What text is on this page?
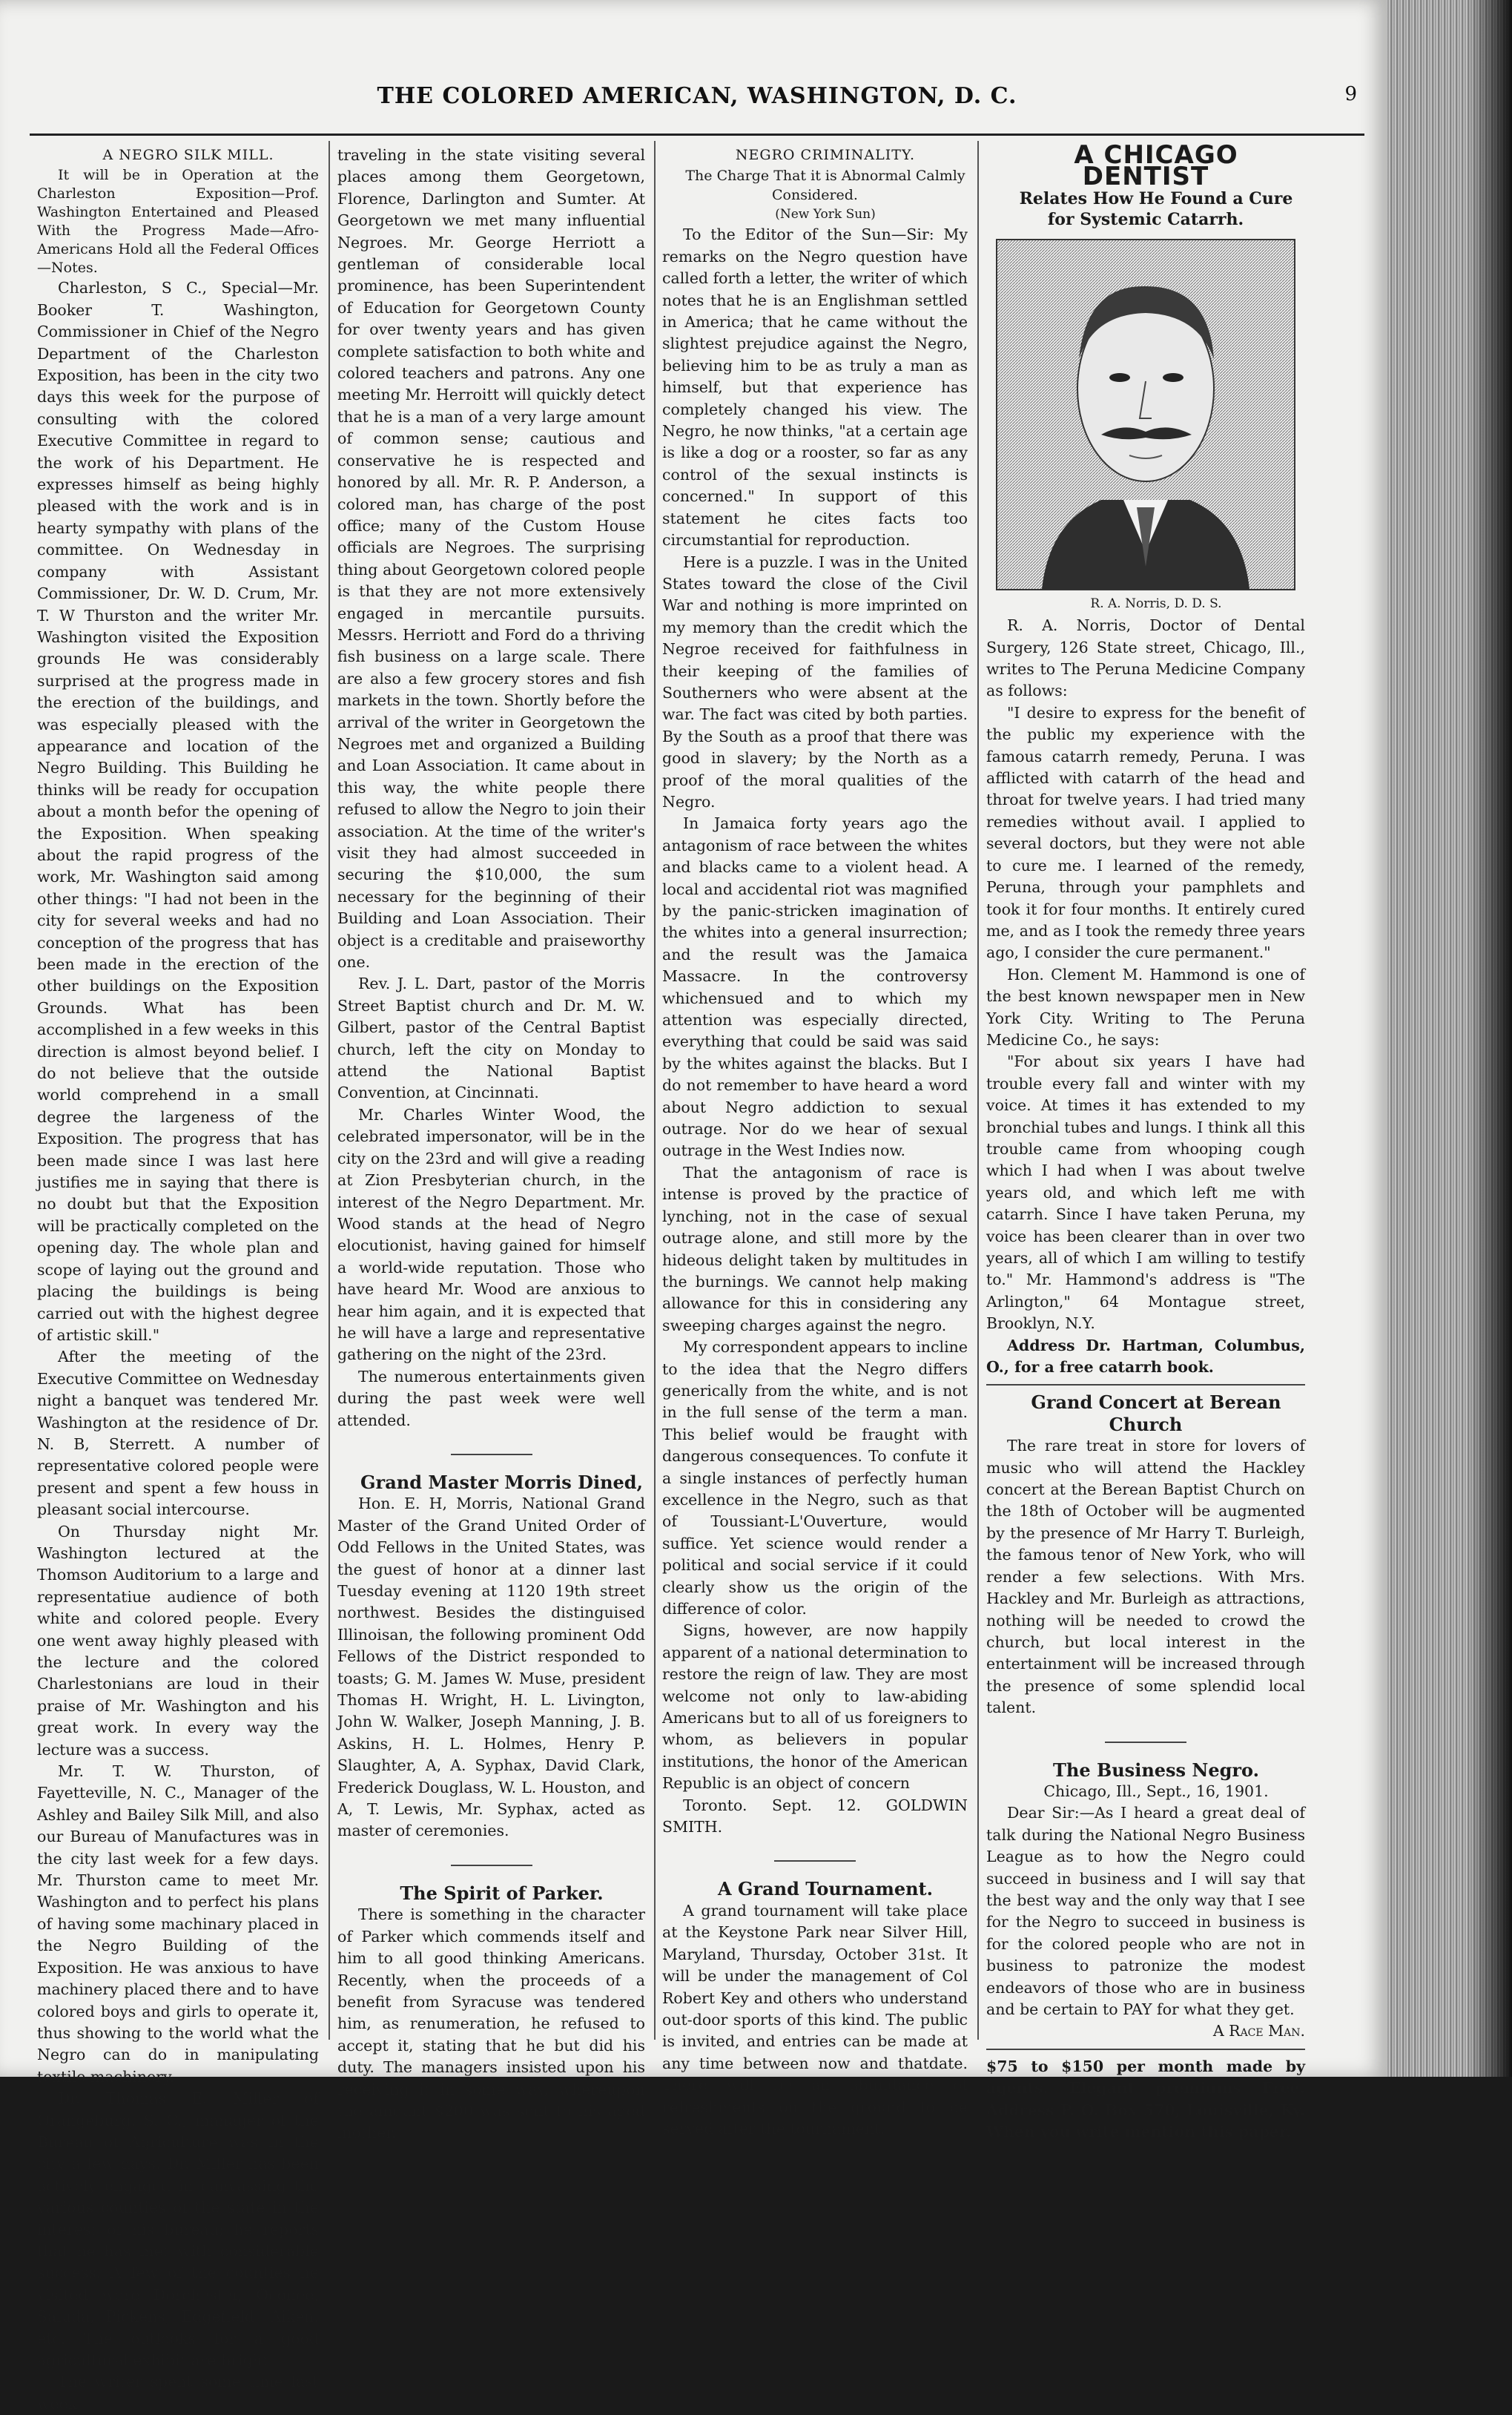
THE COLORED AMERICAN, WASHINGTON, D. C.	9

A NEGRO SILK MILL.

It will be in Operation at the Charleston Exposition—Prof. Washington Entertained and Pleased With the Progress Made—Afro-Americans Hold all the Federal Offices—Notes.

Charleston, S C., Special—Mr. Booker T. Washington, Commissioner in Chief of the Negro Department of the Charleston Exposition, has been in the city two days this week for the purpose of consulting with the colored Executive Committee in regard to the work of his Department. He expresses himself as being highly pleased with the work and is in hearty sympathy with plans of the committee. On Wednesday in company with Assistant Commissioner, Dr. W. D. Crum, Mr. T. W Thurston and the writer Mr. Washington visited the Exposition grounds He was considerably surprised at the progress made in the erection of the buildings, and was especially pleased with the appearance and location of the Negro Building. This Building he thinks will be ready for occupation about a month befor the opening of the Exposition. When speaking about the rapid progress of the work, Mr. Washington said among other things: "I had not been in the city for several weeks and had no conception of the progress that has been made in the erection of the other buildings on the Exposition Grounds. What has been accomplished in a few weeks in this direction is almost beyond belief. I do not believe that the outside world comprehend in a small degree the largeness of the Exposition. The progress that has been made since I was last here justifies me in saying that there is no doubt but that the Exposition will be practically completed on the opening day. The whole plan and scope of laying out the ground and placing the buildings is being carried out with the highest degree of artistic skill."

After the meeting of the Executive Committee on Wednesday night a banquet was tendered Mr. Washington at the residence of Dr. N. B, Sterrett. A number of representative colored people were present and spent a few houss in pleasant social intercourse.

On Thursday night Mr. Washington lectured at the Thomson Auditorium to a large and representatiue audience of both white and colored people. Every one went away highly pleased with the lecture and the colored Charlestonians are loud in their praise of Mr. Washington and his great work. In every way the lecture was a success.

Mr. T. W. Thurston, of Fayetteville, N. C., Manager of the Ashley and Bailey Silk Mill, and also our Bureau of Manufactures was in the city last week for a few days. Mr. Thurston came to meet Mr. Washington and to perfect his plans of having some machinary placed in the Negro Building of the Exposition. He was anxious to have machinery placed there and to have colored boys and girls to operate it, thus showing to the world what the Negro can do in manipulating textile machinery.

Dr. Thomas E. Miller of Orangeburg, S. C., manager of the Bureau of Agriculture was in the city a few days. Dr. Miller has been actively engaged in canvassing the various counties of the state in the interest of his bureau; he reports that he has met with considerable success. A few of the counties he visited were Dorchester, Oconee, Saluda, Pickens, Edgefield, Aiken, etc. The outlooks for a good agricultural exhibit are bright.

The writer spent some time last week

traveling in the state visiting several places among them Georgetown, Florence, Darlington and Sumter. At Georgetown we met many influential Negroes. Mr. George Herriott a gentleman of considerable local prominence, has been Superintendent of Education for Georgetown County for over twenty years and has given complete satisfaction to both white and colored teachers and patrons. Any one meeting Mr. Herroitt will quickly detect that he is a man of a very large amount of common sense; cautious and conservative he is respected and honored by all. Mr. R. P. Anderson, a colored man, has charge of the post office; many of the Custom House officials are Negroes. The surprising thing about Georgetown colored people is that they are not more extensively engaged in mercantile pursuits. Messrs. Herriott and Ford do a thriving fish business on a large scale. There are also a few grocery stores and fish markets in the town. Shortly before the arrival of the writer in Georgetown the Negroes met and organized a Building and Loan Association. It came about in this way, the white people there refused to allow the Negro to join their association. At the time of the writer's visit they had almost succeeded in securing the $10,000, the sum necessary for the beginning of their Building and Loan Association. Their object is a creditable and praiseworthy one.

Rev. J. L. Dart, pastor of the Morris Street Baptist church and Dr. M. W. Gilbert, pastor of the Central Baptist church, left the city on Monday to attend the National Baptist Convention, at Cincinnati.

Mr. Charles Winter Wood, the celebrated impersonator, will be in the city on the 23rd and will give a reading at Zion Presbyterian church, in the interest of the Negro Department. Mr. Wood stands at the head of Negro elocutionist, having gained for himself a world-wide reputation. Those who have heard Mr. Wood are anxious to hear him again, and it is expected that he will have a large and representative gathering on the night of the 23rd.

The numerous entertainments given during the past week were well attended.

Grand Master Morris Dined,

Hon. E. H, Morris, National Grand Master of the Grand United Order of Odd Fellows in the United States, was the guest of honor at a dinner last Tuesday evening at 1120 19th street northwest. Besides the distinguised Illinoisan, the following prominent Odd Fellows of the District responded to toasts; G. M. James W. Muse, president Thomas H. Wright, H. L. Livington, John W. Walker, Joseph Manning, J. B. Askins, H. L. Holmes, Henry P. Slaughter, A, A. Syphax, David Clark, Frederick Douglass, W. L. Houston, and A, T. Lewis, Mr. Syphax, acted as master of ceremonies.

The Spirit of Parker.

There is something in the character of Parker which commends itself and him to all good thinking Americans. Recently, when the proceeds of a benefit from Syracuse was tendered him, as renumeration, he refused to accept it, stating that he but did his duty. The managers insisted upon his receiving it in some way, whereupon the amount $200 was sent to his aged mother.

NEGRO CRIMINALITY.

The Charge That it is Abnormal Calmly Considered.

(New York Sun)

To the Editor of the Sun—Sir: My remarks on the Negro question have called forth a letter, the writer of which notes that he is an Englishman settled in America; that he came without the slightest prejudice against the Negro, believing him to be as truly a man as himself, but that experience has completely changed his view. The Negro, he now thinks, "at a certain age is like a dog or a rooster, so far as any control of the sexual instincts is concerned." In support of this statement he cites facts too circumstantial for reproduction.

Here is a puzzle. I was in the United States toward the close of the Civil War and nothing is more imprinted on my memory than the credit which the Negroe received for faithfulness in their keeping of the families of Southerners who were absent at the war. The fact was cited by both parties. By the South as a proof that there was good in slavery; by the North as a proof of the moral qualities of the Negro.

In Jamaica forty years ago the antagonism of race between the whites and blacks came to a violent head. A local and accidental riot was magnified by the panic-stricken imagination of the whites into a general insurrection; and the result was the Jamaica Massacre. In the controversy whichensued and to which my attention was especially directed, everything that could be said was said by the whites against the blacks. But I do not remember to have heard a word about Negro addiction to sexual outrage. Nor do we hear of sexual outrage in the West Indies now.

That the antagonism of race is intense is proved by the practice of lynching, not in the case of sexual outrage alone, and still more by the hideous delight taken by multitudes in the burnings. We cannot help making allowance for this in considering any sweeping charges against the negro.

My correspondent appears to incline to the idea that the Negro differs generically from the white, and is not in the full sense of the term a man. This belief would be fraught with dangerous consequences. To confute it a single instances of perfectly human excellence in the Negro, such as that of Toussiant-L'Ouverture, would suffice. Yet science would render a political and social service if it could clearly show us the origin of the difference of color.

Signs, however, are now happily apparent of a national determination to restore the reign of law. They are most welcome not only to law-abiding Americans but to all of us foreigners to whom, as believers in popular institutions, the honor of the American Republic is an object of concern

Toronto. Sept. 12. GOLDWIN SMITH.

A Grand Tournament.

A grand tournament will take place at the Keystone Park near Silver Hill, Maryland, Thursday, October 31st. It will be under the management of Col Robert Key and others who understand out-door sports of this kind. The public is invited, and entries can be made at any time between now and thatdate. There will be an abundance of refreshments on the ground to be served after the tournament.

A CHICAGO DENTIST

Relates How He Found a Cure for Systemic Catarrh.

R. A. Norris, D. D. S.

R. A. Norris, Doctor of Dental Surgery, 126 State street, Chicago, Ill., writes to The Peruna Medicine Company as follows:

"I desire to express for the benefit of the public my experience with the famous catarrh remedy, Peruna. I was afflicted with catarrh of the head and throat for twelve years. I had tried many remedies without avail. I applied to several doctors, but they were not able to cure me. I learned of the remedy, Peruna, through your pamphlets and took it for four months. It entirely cured me, and as I took the remedy three years ago, I consider the cure permanent."

Hon. Clement M. Hammond is one of the best known newspaper men in New York City. Writing to The Peruna Medicine Co., he says:

"For about six years I have had trouble every fall and winter with my voice. At times it has extended to my bronchial tubes and lungs. I think all this trouble came from whooping cough which I had when I was about twelve years old, and which left me with catarrh. Since I have taken Peruna, my voice has been clearer than in over two years, all of which I am willing to testify to." Mr. Hammond's address is "The Arlington," 64 Montague street, Brooklyn, N.Y.

Address Dr. Hartman, Columbus, O., for a free catarrh book.

Grand Concert at Berean Church

The rare treat in store for lovers of music who will attend the Hackley concert at the Berean Baptist Church on the 18th of October will be augmented by the presence of Mr Harry T. Burleigh, the famous tenor of New York, who will render a few selections. With Mrs. Hackley and Mr. Burleigh as attractions, nothing will be needed to crowd the church, but local interest in the entertainment will be increased through the presence of some splendid local talent.

The Business Negro.

Chicago, Ill., Sept., 16, 1901.

Dear Sir:—As I heard a great deal of talk during the National Negro Business League as to how the Negro could succeed in business and I will say that the best way and the only way that I see for the Negro to succeed in business is for the colored people who are not in business to patronize the modest endeavors of those who are in business and be certain to PAY for what they get.

A Race Man.

$75 to $150 per month made by agents. Elegant premiums Free. Address P. O. Box 570, Louisville, Ky. When you write mention this paper.
